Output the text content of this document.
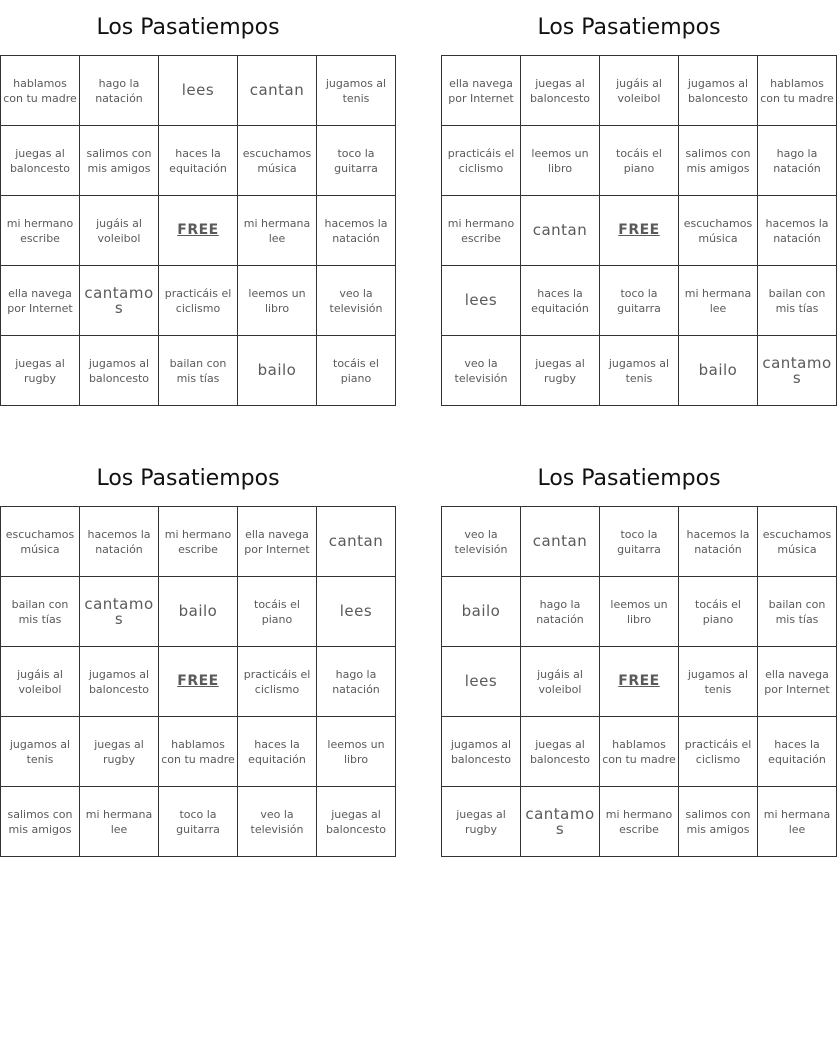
Los Pasatiempos
hablamos con tu madre	hago la natación	lees	cantan	jugamos al tenis
juegas al baloncesto	salimos con mis amigos	haces la equitación	escuchamos música	toco la guitarra
mi hermano escribe	jugáis al voleibol	FREE	mi hermana lee	hacemos la natación
ella navega por Internet	cantamos	practicáis el ciclismo	leemos un libro	veo la televisión
juegas al rugby	jugamos al baloncesto	bailan con mis tías	bailo	tocáis el piano
Los Pasatiempos
ella navega por Internet	juegas al baloncesto	jugáis al voleibol	jugamos al baloncesto	hablamos con tu madre
practicáis el ciclismo	leemos un libro	tocáis el piano	salimos con mis amigos	hago la natación
mi hermano escribe	cantan	FREE	escuchamos música	hacemos la natación
lees	haces la equitación	toco la guitarra	mi hermana lee	bailan con mis tías
veo la televisión	juegas al rugby	jugamos al tenis	bailo	cantamos
Los Pasatiempos
escuchamos música	hacemos la natación	mi hermano escribe	ella navega por Internet	cantan
bailan con mis tías	cantamos	bailo	tocáis el piano	lees
jugáis al voleibol	jugamos al baloncesto	FREE	practicáis el ciclismo	hago la natación
jugamos al tenis	juegas al rugby	hablamos con tu madre	haces la equitación	leemos un libro
salimos con mis amigos	mi hermana lee	toco la guitarra	veo la televisión	juegas al baloncesto
Los Pasatiempos
veo la televisión	cantan	toco la guitarra	hacemos la natación	escuchamos música
bailo	hago la natación	leemos un libro	tocáis el piano	bailan con mis tías
lees	jugáis al voleibol	FREE	jugamos al tenis	ella navega por Internet
jugamos al baloncesto	juegas al baloncesto	hablamos con tu madre	practicáis el ciclismo	haces la equitación
juegas al rugby	cantamos	mi hermano escribe	salimos con mis amigos	mi hermana lee
